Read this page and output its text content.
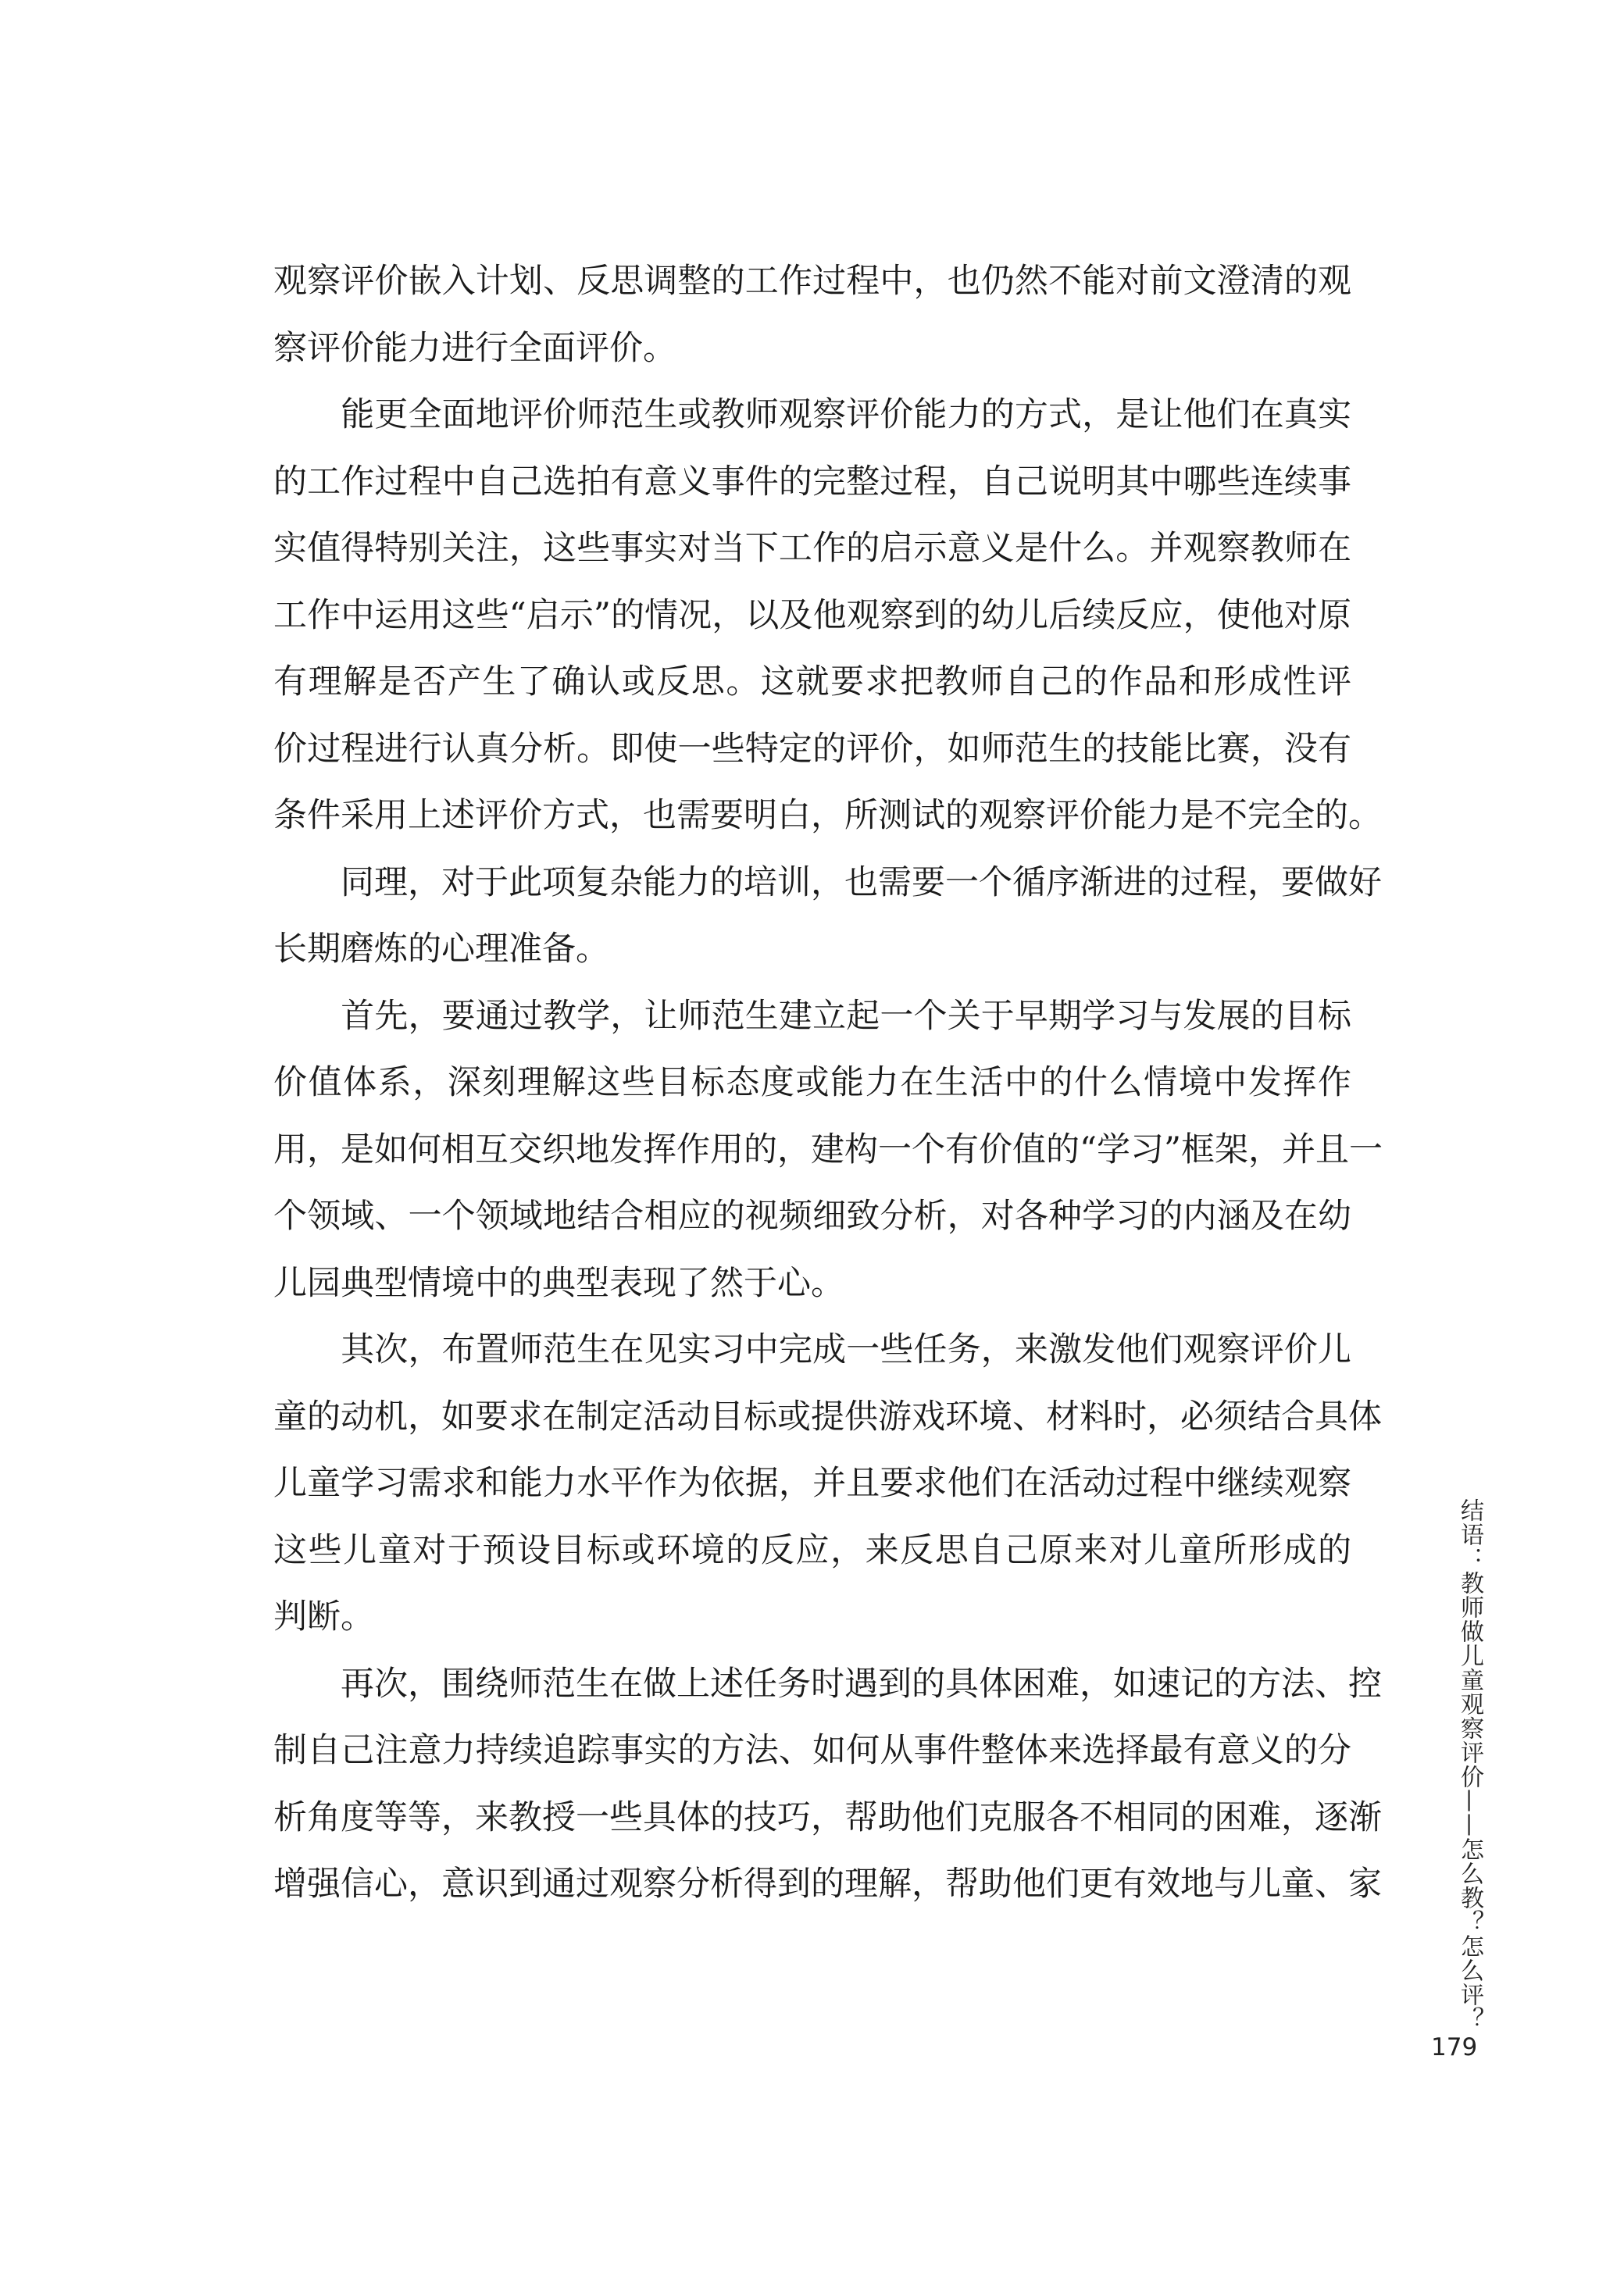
观察评价嵌入计划、反思调整的工作过程中，也仍然不能对前文澄清的观
察评价能力进行全面评价。
　　能更全面地评价师范生或教师观察评价能力的方式，是让他们在真实
的工作过程中自己选拍有意义事件的完整过程，自己说明其中哪些连续事
实值得特别关注，这些事实对当下工作的启示意义是什么。并观察教师在
工作中运用这些“启示”的情况，以及他观察到的幼儿后续反应，使他对原
有理解是否产生了确认或反思。这就要求把教师自己的作品和形成性评
价过程进行认真分析。即使一些特定的评价，如师范生的技能比赛，没有
条件采用上述评价方式，也需要明白，所测试的观察评价能力是不完全的。
　　同理，对于此项复杂能力的培训，也需要一个循序渐进的过程，要做好
长期磨炼的心理准备。
　　首先，要通过教学，让师范生建立起一个关于早期学习与发展的目标
价值体系，深刻理解这些目标态度或能力在生活中的什么情境中发挥作
用，是如何相互交织地发挥作用的，建构一个有价值的“学习”框架，并且一
个领域、一个领域地结合相应的视频细致分析，对各种学习的内涵及在幼
儿园典型情境中的典型表现了然于心。
　　其次，布置师范生在见实习中完成一些任务，来激发他们观察评价儿
童的动机，如要求在制定活动目标或提供游戏环境、材料时，必须结合具体
儿童学习需求和能力水平作为依据，并且要求他们在活动过程中继续观察
这些儿童对于预设目标或环境的反应，来反思自己原来对儿童所形成的
判断。
　　再次，围绕师范生在做上述任务时遇到的具体困难，如速记的方法、控
制自己注意力持续追踪事实的方法、如何从事件整体来选择最有意义的分
析角度等等，来教授一些具体的技巧，帮助他们克服各不相同的困难，逐渐
增强信心，意识到通过观察分析得到的理解，帮助他们更有效地与儿童、家	结语：教师做儿童观察评价——怎么教？怎么评？
179
